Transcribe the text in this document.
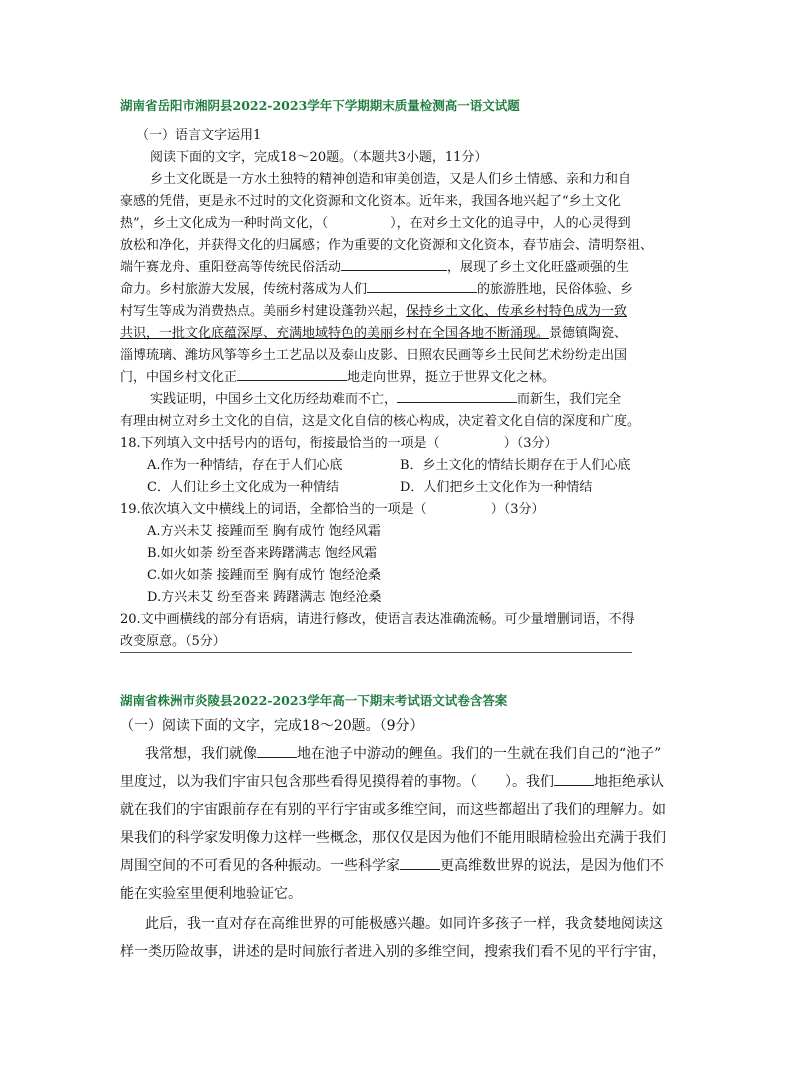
湖南省岳阳市湘阴县2022-2023学年下学期期末质量检测高一语文试题
（一）语言文字运用1
阅读下面的文字，完成18～20题。（本题共3小题，11分）
乡土文化既是一方水土独特的精神创造和审美创造，又是人们乡土情感、亲和力和自
豪感的凭借，更是永不过时的文化资源和文化资本。近年来，我国各地兴起了“乡土文化
热”，乡土文化成为一种时尚文化，（	），在对乡土文化的追寻中，人的心灵得到
放松和净化，并获得文化的归属感；作为重要的文化资源和文化资本，春节庙会、清明祭祖、
端午赛龙舟、重阳登高等传统民俗活动	，展现了乡土文化旺盛顽强的生
命力。乡村旅游大发展，传统村落成为人们	的旅游胜地，民俗体验、乡
村写生等成为消费热点。美丽乡村建设蓬勃兴起，保持乡土文化、传承乡村特色成为一致
共识，一批文化底蕴深厚、充满地域特色的美丽乡村在全国各地不断涌现。景德镇陶瓷、
淄博琉璃、潍坊风筝等乡土工艺品以及泰山皮影、日照农民画等乡土民间艺术纷纷走出国
门，中国乡村文化正	地走向世界，挺立于世界文化之林。
实践证明，中国乡土文化历经劫难而不亡，	而新生，我们完全
有理由树立对乡土文化的自信，这是文化自信的核心构成，决定着文化自信的深度和广度。
18.下列填入文中括号内的语句，衔接最恰当的一项是（	）（3分）
A.作为一种情结，存在于人们心底	B．乡土文化的情结长期存在于人们心底
C．人们让乡土文化成为一种情结	D．人们把乡土文化作为一种情结
19.依次填入文中横线上的词语，全都恰当的一项是（	）（3分）
A.方兴未艾 接踵而至 胸有成竹 饱经风霜
B.如火如荼 纷至沓来踌躇满志 饱经风霜
C.如火如荼 接踵而至 胸有成竹 饱经沧桑
D.方兴未艾 纷至沓来 踌躇满志 饱经沧桑
20.文中画横线的部分有语病，请进行修改，使语言表达准确流畅。可少量增删词语，不得
改变原意。（5分）
湖南省株洲市炎陵县2022-2023学年高一下期末考试语文试卷含答案
（一）阅读下面的文字，完成18～20题。（9分）
我常想，我们就像	地在池子中游动的鲤鱼。我们的一生就在我们自己的“池子”
里度过，以为我们宇宙只包含那些看得见摸得着的事物。（　　）。我们	地拒绝承认
就在我们的宇宙跟前存在有别的平行宇宙或多维空间，而这些都超出了我们的理解力。如
果我们的科学家发明像力这样一些概念，那仅仅是因为他们不能用眼睛检验出充满于我们
周围空间的不可看见的各种振动。一些科学家	更高维数世界的说法，是因为他们不
能在实验室里便利地验证它。
此后，我一直对存在高维世界的可能极感兴趣。如同许多孩子一样，我贪婪地阅读这
样一类历险故事，讲述的是时间旅行者进入别的多维空间，搜索我们看不见的平行宇宙，
